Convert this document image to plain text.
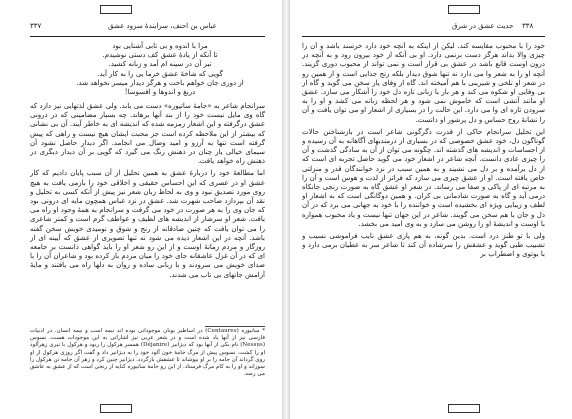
۳۳۷	عباس بن احنف، سرایندهٔ سرود عشق
مرا با اندوه و بی تابی آشنایی بود
تا آنکه از یادهٔ عشق کف دستی نوشیدم.
تیر آن در سینه ام آمد و زبانه کشید.
گویی که شاخهٔ عشق خرما یی را به کار آید.
از دوری جان خواهم باخت و هرگز دیدار میسر نخواهد شد.
دریغ و اندوها و افسوسا!

سرانجام شاعر به «جامهٔ ساتیوره» دست می یابد. ولی عشق لذتهایی نیز دارد که گاه وی مایل نیست خود را از بند آنها برهاند. چه بسیار مضامینی که در درونی عشق درگرفته و این اشعار زمزمه شده که اندیشه ای به خاطر آیند. آن بی نشانی که بیشتر از این ملاحظه کرده است جز محبت ایشان هیچ نیست و راهی که پیش گرفته است تنها به آرزو و امید وصال می انجامد. اگر دیدار حاصل نشود آن سیمای خیالی یار چنان در ذهنش رنگ می گیرد که گویی بر آن دیدار دیگری در ذهنش راه خواهد یافت.

اما مطالعهٔ خود را دربارهٔ عشق به همین تحلیل از آن سبب پایان دادیم که کار عشق او در عصری که این احساس حقیقی و اخلاقی خود را بازمی یافت به هیچ روی مورد تصدیق نبود و وی به لحاظ زبان شعر نیز پیش از آنکه کسی به تحلیل و نقد آن بپردازد صاحب شهرت شد. عشق در نزد عباس همچون مایه ای درونی بود که جان وی را به هر صورت در خود می گرفت و سرانجام به همهٔ وجود او راه می یافت. شعر او سرشار از اندیشه های لطیف و عواطف گرم است و کمتر شاعری را می توان یافت که چنین صادقانه از رنج و شوق و نومیدی خویش سخن گفته باشد. آنچه در این اشعار دیده می شود نه تنها تصویری از عشق که آیینه ای از روزگار و مردم زمانهٔ اوست و از این رو شعر او را باید گواهی دانست بر جامعه ای که در آن غزل عاشقانه جای خود را میان مردم باز کرده بود و شاعران آن را با صدای خویش می سرودند و با زبانی ساده و روان به دلها راه می یافتند و مایهٔ آرامش جانهای بی تاب می شدند.

* ساتیوره (Centaures) در اساطیر یونان موجوداتی بوده اند نیمه اسب و نیمه انسان. در ادبیات فارسی نیز از آنها یاد شده است و در شعر عربی نیز اشاراتی به این موجودات هست. نسوس (Nessus) نام یکی از آنها بود که دیژانیر (Déjanire) همسر هرکول را ربود و هرکول با تیری زهرآلود او را کشت. نسوس پیش از مرگ جامهٔ خون آلود خود را به دیژانیر داد و گفت اگر روزی هرکول از او روی گرداند آن جامه را بر او بپوشاند تا عشقش بازگردد. دیژانیر چنین کرد و زهر آن جامه تن هرکول را سوزاند و او را به کام مرگ فرستاد. از این رو جامهٔ ساتیوره کنایه از رنجی است که از عشق به عاشق می رسد.
۳۳۸
حدیث عشق در شرق

خود را با محبوب مقایسه کند. لیکن از اینکه به آنچه خود دارد خرسند باشد و آن را چیزی والا بداند هرگز دست برنمی دارد. او بی آنکه از خود بیرون رود و به آنچه در درون اوست قانع باشد در عشق بی قرار است و نمی تواند از محبوب دوری گزیند. آنچه او را به شعر وا می دارد نه تنها شوق دیدار بلکه رنج جدایی است و از همین رو در شعر او تلخی و شیرینی با هم آمیخته اند. گاه از وفای یار سخن می گوید و گاه از بی وفایی او شکوه می کند و هر بار با زبانی تازه دل خود را آشکار می سازد. عشق او مانند آتشی است که خاموش نمی شود و هر لحظه زبانه می کشد و او را به سرودن تازه ای وا می دارد. این حالت را در بسیاری از اشعار او می توان یافت و آن را نشانهٔ روح حساس و دل پرشور او دانست.

این تحلیل سرانجام حاکی از قدرت دگرگونی شاعر است در بازشناختن حالات گوناگون دل، خود عشق خصوصی که در بسیاری از درمندیهای آگاهانه به آن رسیده و از احساسات و اندیشه های گذشته اند. چگونه می توان از آن به سادگی گذشت و آن را چیزی عادی دانست. آنچه شاعر در اشعار خود می گوید حاصل تجربه ای است که از دل برآمده و بر دل می نشیند و به همین سبب در نزد خوانندگان قدر و منزلتی خاص یافته است. او از عشق چیزی می سازد که فراتر از لذت و هوس است و آن را به مرتبه ای از پاکی و صفا می رساند. در شعر او عشق گاه به صورت رنجی جانکاه درمی آید و گاه به صورت شادمانی بی کران. و همین دوگانگی است که به اشعار او لطف و زیبایی ویژه ای بخشیده است و خواننده را با خود به جهانی می برد که در آن دل و جان با هم سخن می گویند. شاعر در این جهان تنها نیست و یاد محبوب همواره با اوست و اندیشهٔ او را روشن می سازد و به وی امید می بخشد.

ولی با تو طنز درد است. بدین گونه، به هم پاری عشق نایب فراموشی نسیب و تشبیب طبی گوید و عشقش را سرشاده آن کند تا شاعر سر به عطیان برمی دارد و با بوتوی و اضطراب بر
